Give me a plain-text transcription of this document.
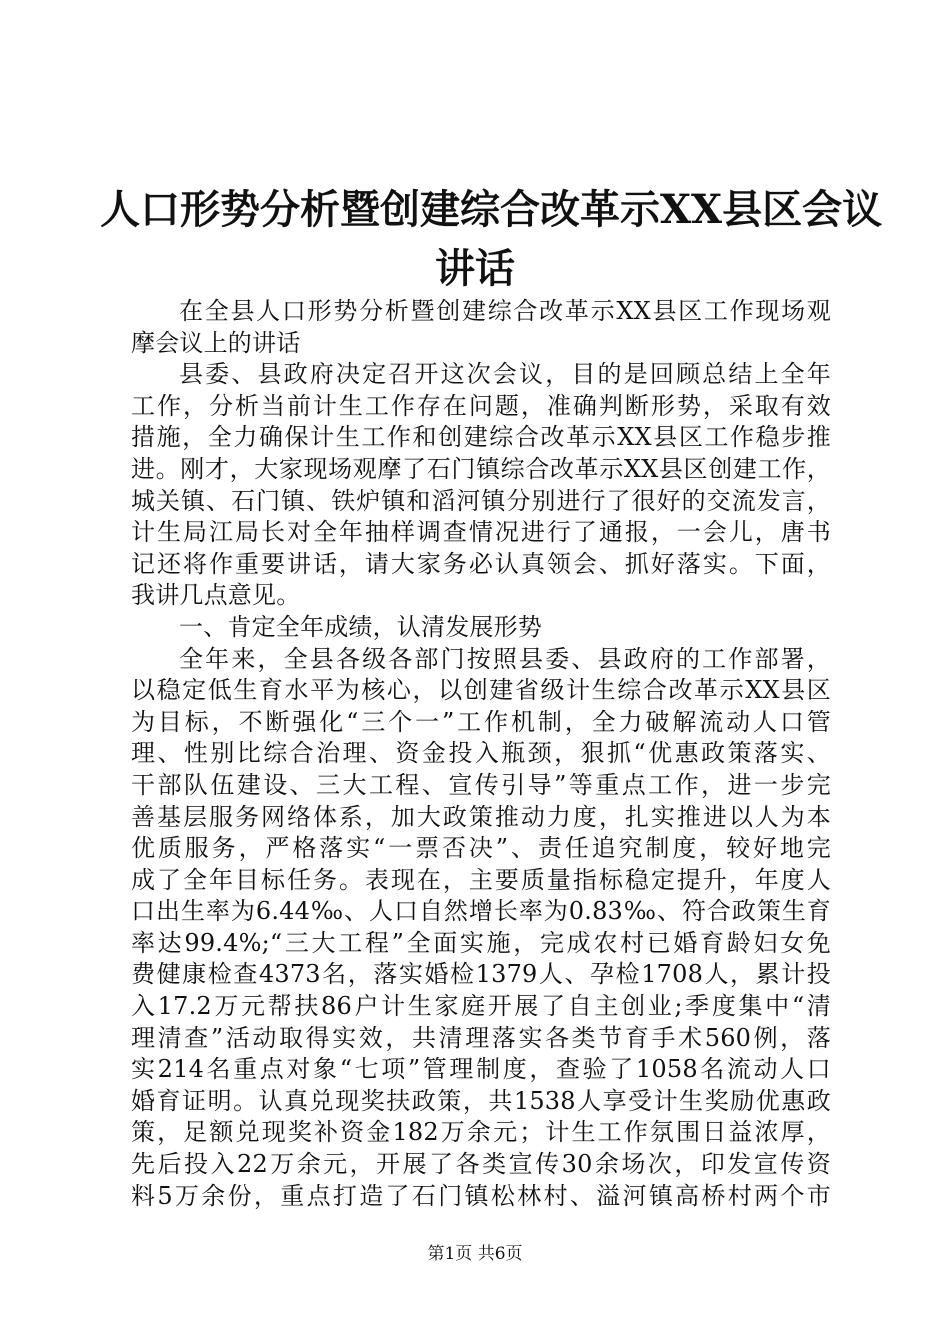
人口形势分析暨创建综合改革示XX县区会议
讲话
在全县人口形势分析暨创建综合改革示XX县区工作现场观
摩会议上的讲话
县委、县政府决定召开这次会议，目的是回顾总结上全年
工作，分析当前计生工作存在问题，准确判断形势，采取有效
措施，全力确保计生工作和创建综合改革示XX县区工作稳步推
进。刚才，大家现场观摩了石门镇综合改革示XX县区创建工作，
城关镇、石门镇、铁炉镇和滔河镇分别进行了很好的交流发言，
计生局江局长对全年抽样调查情况进行了通报，一会儿，唐书
记还将作重要讲话，请大家务必认真领会、抓好落实。下面，
我讲几点意见。
一、肯定全年成绩，认清发展形势
全年来，全县各级各部门按照县委、县政府的工作部署，
以稳定低生育水平为核心，以创建省级计生综合改革示XX县区
为目标，不断强化“三个一”工作机制，全力破解流动人口管
理、性别比综合治理、资金投入瓶颈，狠抓“优惠政策落实、
干部队伍建设、三大工程、宣传引导”等重点工作，进一步完
善基层服务网络体系，加大政策推动力度，扎实推进以人为本
优质服务，严格落实“一票否决”、责任追究制度，较好地完
成了全年目标任务。表现在，主要质量指标稳定提升，年度人
口出生率为6.44‰、人口自然增长率为0.83‰、符合政策生育
率达99.4%;“三大工程”全面实施，完成农村已婚育龄妇女免
费健康检查4373名，落实婚检1379人、孕检1708人，累计投
入17.2万元帮扶86户计生家庭开展了自主创业;季度集中“清
理清查”活动取得实效，共清理落实各类节育手术560例，落
实214名重点对象“七项”管理制度，查验了1058名流动人口
婚育证明。认真兑现奖扶政策，共1538人享受计生奖励优惠政
策，足额兑现奖补资金182万余元；计生工作氛围日益浓厚，
先后投入22万余元，开展了各类宣传30余场次，印发宣传资
料5万余份，重点打造了石门镇松林村、溢河镇高桥村两个市
第1页 共6页
